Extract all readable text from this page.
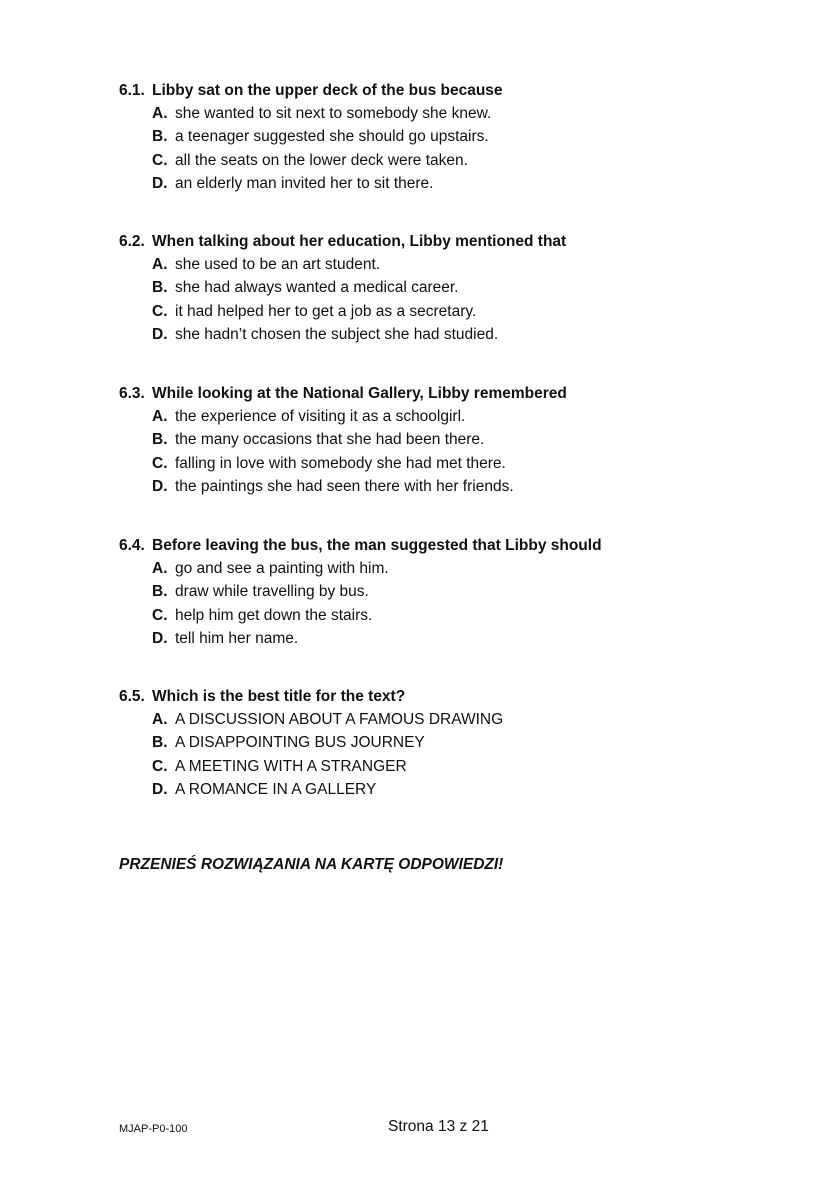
6.1. Libby sat on the upper deck of the bus because
A. she wanted to sit next to somebody she knew.
B. a teenager suggested she should go upstairs.
C. all the seats on the lower deck were taken.
D. an elderly man invited her to sit there.
6.2. When talking about her education, Libby mentioned that
A. she used to be an art student.
B. she had always wanted a medical career.
C. it had helped her to get a job as a secretary.
D. she hadn’t chosen the subject she had studied.
6.3. While looking at the National Gallery, Libby remembered
A. the experience of visiting it as a schoolgirl.
B. the many occasions that she had been there.
C. falling in love with somebody she had met there.
D. the paintings she had seen there with her friends.
6.4. Before leaving the bus, the man suggested that Libby should
A. go and see a painting with him.
B. draw while travelling by bus.
C. help him get down the stairs.
D. tell him her name.
6.5. Which is the best title for the text?
A. A DISCUSSION ABOUT A FAMOUS DRAWING
B. A DISAPPOINTING BUS JOURNEY
C. A MEETING WITH A STRANGER
D. A ROMANCE IN A GALLERY
PRZENIEŚ ROZWIĄZANIA NA KARTĘ ODPOWIEDZI!
MJAP-P0-100	Strona 13 z 21
